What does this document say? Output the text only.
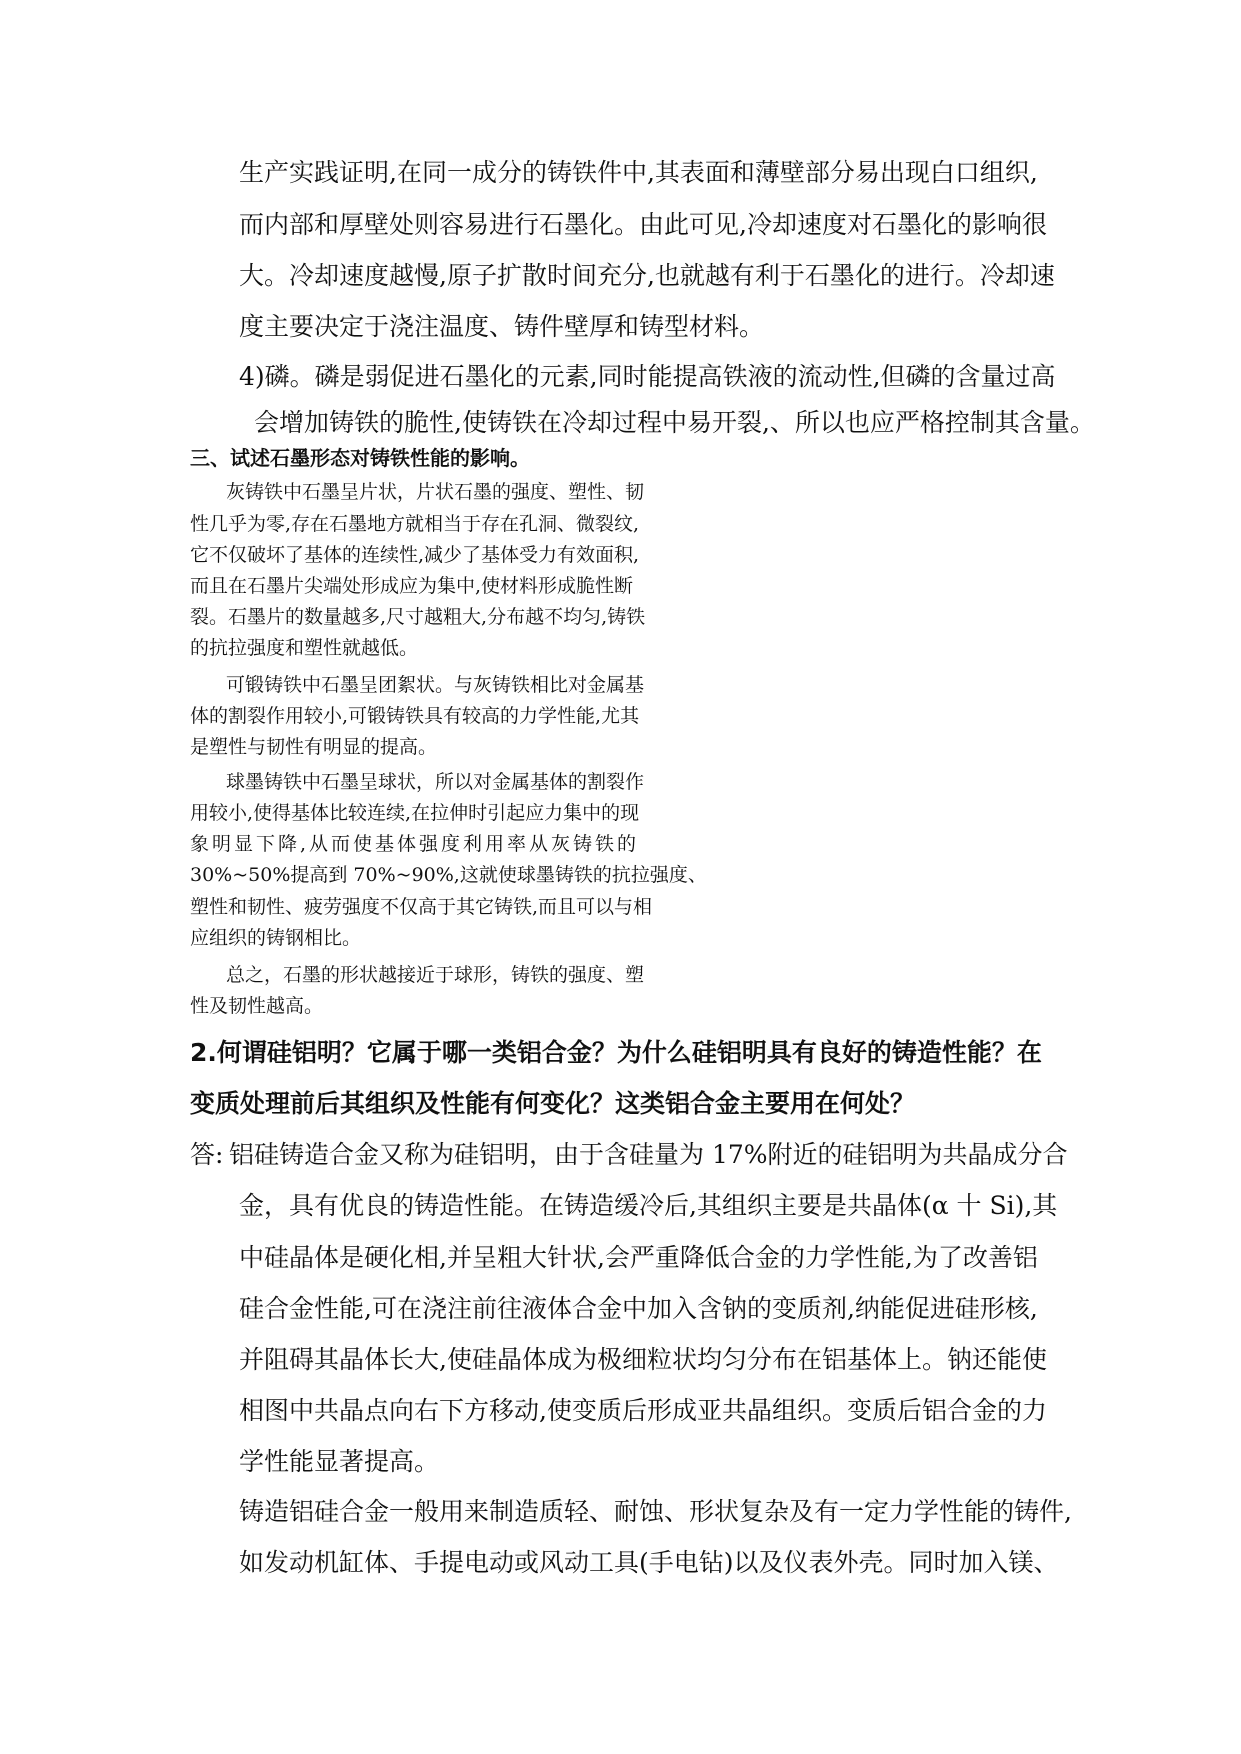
生产实践证明,在同一成分的铸铁件中,其表面和薄壁部分易出现白口组织,
而内部和厚壁处则容易进行石墨化。由此可见,冷却速度对石墨化的影响很
大。冷却速度越慢,原子扩散时间充分,也就越有利于石墨化的进行。冷却速
度主要决定于浇注温度、铸件壁厚和铸型材料。
4)磷。磷是弱促进石墨化的元素,同时能提高铁液的流动性,但磷的含量过高
会增加铸铁的脆性,使铸铁在冷却过程中易开裂,、所以也应严格控制其含量。
三、试述石墨形态对铸铁性能的影响。
灰铸铁中石墨呈片状，片状石墨的强度、塑性、韧
性几乎为零,存在石墨地方就相当于存在孔洞、微裂纹,
它不仅破坏了基体的连续性,减少了基体受力有效面积,
而且在石墨片尖端处形成应为集中,使材料形成脆性断
裂。石墨片的数量越多,尺寸越粗大,分布越不均匀,铸铁
的抗拉强度和塑性就越低。
可锻铸铁中石墨呈团絮状。与灰铸铁相比对金属基
体的割裂作用较小,可锻铸铁具有较高的力学性能,尤其
是塑性与韧性有明显的提高。
球墨铸铁中石墨呈球状，所以对金属基体的割裂作
用较小,使得基体比较连续,在拉伸时引起应力集中的现
象明显下降,从而使基体强度利用率从灰铸铁的
30%~50%提高到 70%~90%,这就使球墨铸铁的抗拉强度、
塑性和韧性、疲劳强度不仅高于其它铸铁,而且可以与相
应组织的铸钢相比。
总之，石墨的形状越接近于球形，铸铁的强度、塑
性及韧性越高。
2.何谓硅铝明？它属于哪一类铝合金？为什么硅铝明具有良好的铸造性能？在
变质处理前后其组织及性能有何变化？这类铝合金主要用在何处？
答: 铝硅铸造合金又称为硅铝明，由于含硅量为 17%附近的硅铝明为共晶成分合
金，具有优良的铸造性能。在铸造缓冷后,其组织主要是共晶体(α 十 Si),其
中硅晶体是硬化相,并呈粗大针状,会严重降低合金的力学性能,为了改善铝
硅合金性能,可在浇注前往液体合金中加入含钠的变质剂,纳能促进硅形核,
并阻碍其晶体长大,使硅晶体成为极细粒状均匀分布在铝基体上。钠还能使
相图中共晶点向右下方移动,使变质后形成亚共晶组织。变质后铝合金的力
学性能显著提高。
铸造铝硅合金一般用来制造质轻、耐蚀、形状复杂及有一定力学性能的铸件,
如发动机缸体、手提电动或风动工具(手电钻)以及仪表外壳。同时加入镁、
